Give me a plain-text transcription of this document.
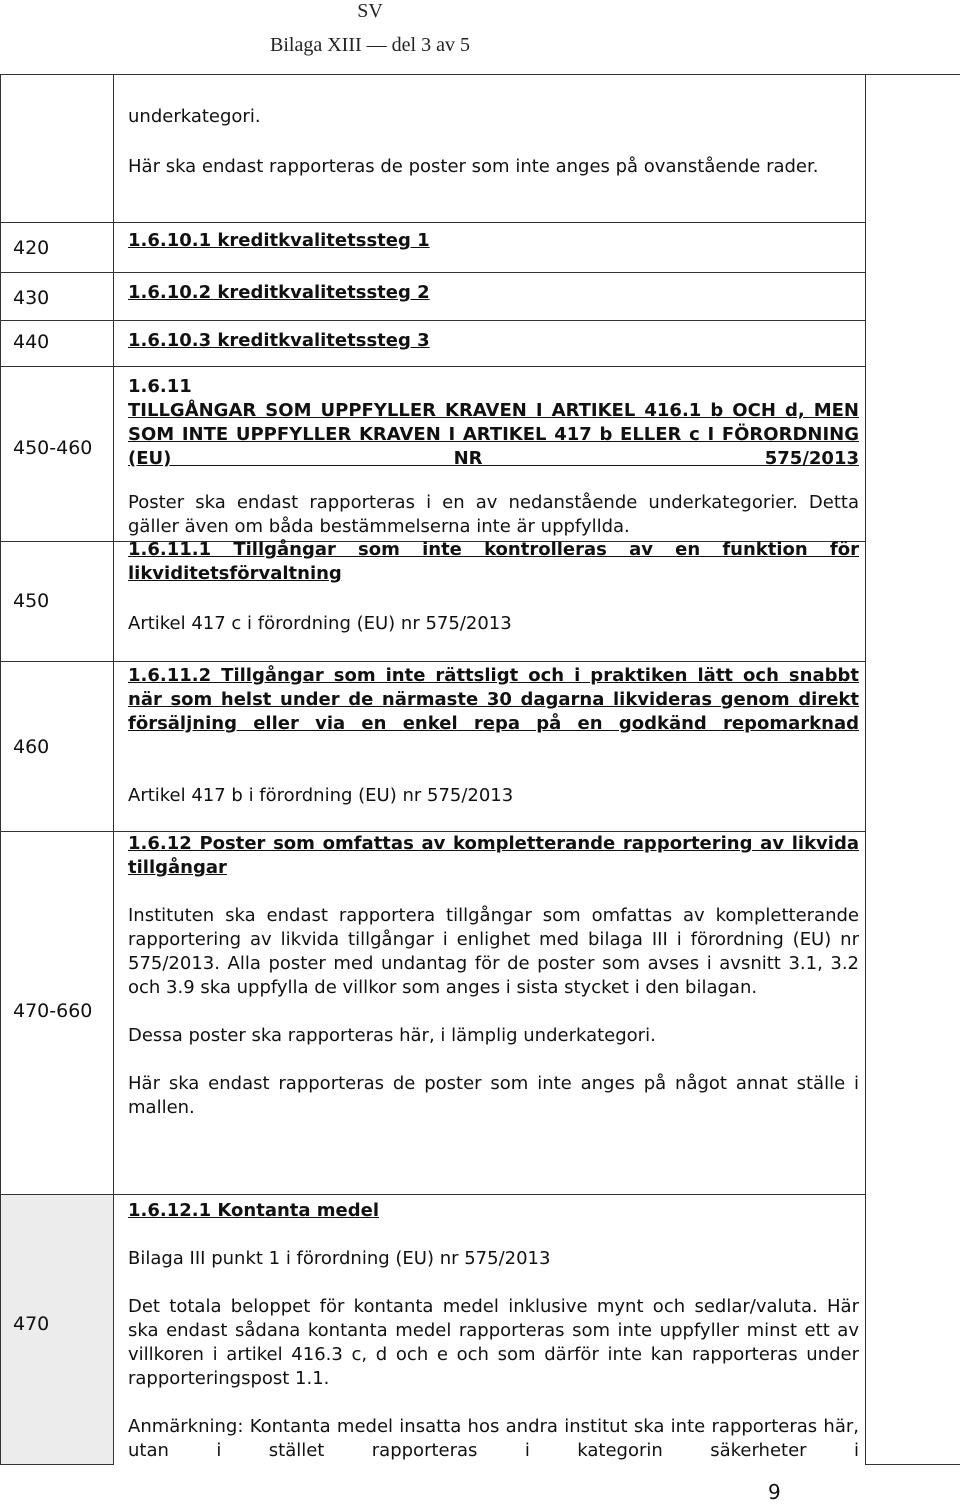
SV
Bilaga XIII — del 3 av 5

	underkategori.
Här ska endast rapporteras de poster som inte anges på ovanstående rader.	

420	1.6.10.1 kreditkvalitetssteg 1	

430	1.6.10.2 kreditkvalitetssteg 2	

440	1.6.10.3 kreditkvalitetssteg 3	

450-460	1.6.11
TILLGÅNGAR SOM UPPFYLLER KRAVEN I ARTIKEL 416.1 b OCH d, MEN SOM INTE UPPFYLLER KRAVEN I ARTIKEL 417 b ELLER c I FÖRORDNING (EU) NR 575/2013
Poster ska endast rapporteras i en av nedanstående underkategorier. Detta gäller även om båda bestämmelserna inte är uppfyllda.	

450	1.6.11.1 Tillgångar som inte kontrolleras av en funktion för likviditetsförvaltning
Artikel 417 c i förordning (EU) nr 575/2013	

460	1.6.11.2 Tillgångar som inte rättsligt och i praktiken lätt och snabbt när som helst under de närmaste 30 dagarna likvideras genom direkt försäljning eller via en enkel repa på en godkänd repomarknad
Artikel 417 b i förordning (EU) nr 575/2013	

470-660	1.6.12 Poster som omfattas av kompletterande rapportering av likvida tillgångar
Instituten ska endast rapportera tillgångar som omfattas av kompletterande rapportering av likvida tillgångar i enlighet med bilaga III i förordning (EU) nr 575/2013. Alla poster med undantag för de poster som avses i avsnitt 3.1, 3.2 och 3.9 ska uppfylla de villkor som anges i sista stycket i den bilagan.
Dessa poster ska rapporteras här, i lämplig underkategori.
Här ska endast rapporteras de poster som inte anges på något annat ställe i mallen.	

470	1.6.12.1 Kontanta medel
Bilaga III punkt 1 i förordning (EU) nr 575/2013
Det totala beloppet för kontanta medel inklusive mynt och sedlar/valuta. Här ska endast sådana kontanta medel rapporteras som inte uppfyller minst ett av villkoren i artikel 416.3 c, d och e och som därför inte kan rapporteras under rapporteringspost 1.1.
Anmärkning: Kontanta medel insatta hos andra institut ska inte rapporteras här, utan i stället rapporteras i kategorin säkerheter i	
9
